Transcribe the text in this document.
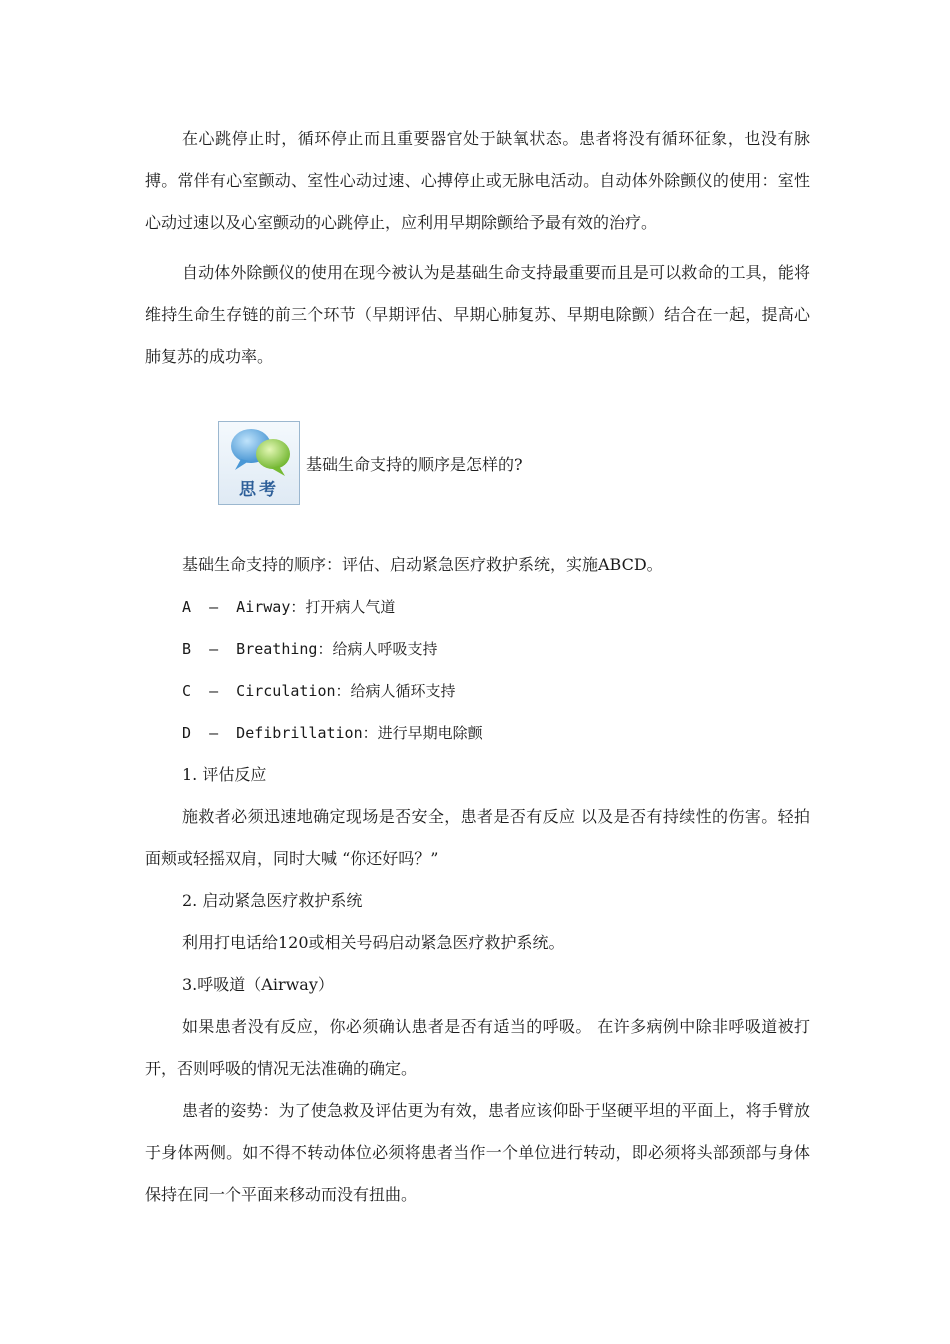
在心跳停止时，循环停止而且重要器官处于缺氧状态。患者将没有循环征象，也没有脉搏。常伴有心室颤动、室性心动过速、心搏停止或无脉电活动。自动体外除颤仪的使用：室性心动过速以及心室颤动的心跳停止，应利用早期除颤给予最有效的治疗。

自动体外除颤仪的使用在现今被认为是基础生命支持最重要而且是可以救命的工具，能将维持生命生存链的前三个环节（早期评估、早期心肺复苏、早期电除颤）结合在一起，提高心肺复苏的成功率。

思考
基础生命支持的顺序是怎样的?

基础生命支持的顺序：评估、启动紧急医疗救护系统，实施ABCD。

A  –  Airway：打开病人气道

B  –  Breathing：给病人呼吸支持

C  –  Circulation：给病人循环支持

D  –  Defibrillation：进行早期电除颤

1. 评估反应

施救者必须迅速地确定现场是否安全，患者是否有反应 以及是否有持续性的伤害。轻拍面颊或轻摇双肩，同时大喊 “你还好吗？”

2. 启动紧急医疗救护系统

利用打电话给120或相关号码启动紧急医疗救护系统。

3.呼吸道（Airway）

如果患者没有反应，你必须确认患者是否有适当的呼吸。 在许多病例中除非呼吸道被打开，否则呼吸的情况无法准确的确定。

患者的姿势：为了使急救及评估更为有效，患者应该仰卧于坚硬平坦的平面上，将手臂放于身体两侧。如不得不转动体位必须将患者当作一个单位进行转动，即必须将头部颈部与身体保持在同一个平面来移动而没有扭曲。
